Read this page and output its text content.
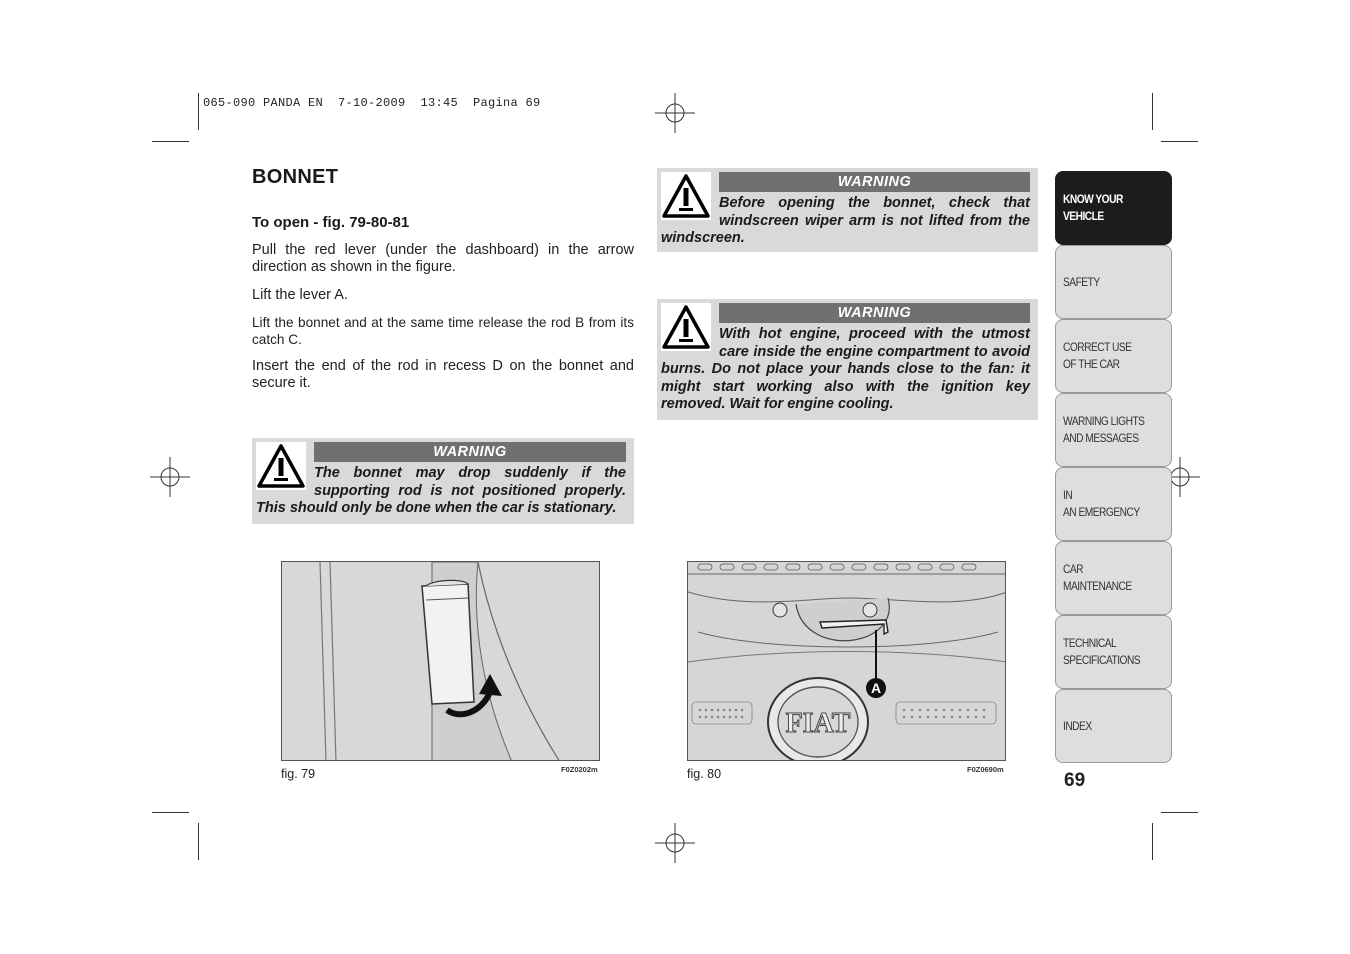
065-090 PANDA EN  7-10-2009  13:45  Pagina 69
BONNET
To open - fig. 79-80-81

Pull the red lever (under the dashboard) in the arrow direction as shown in the figure.

Lift the lever A.

Lift the bonnet and at the same time release the rod B from its catch C.

Insert the end of the rod in recess D on the bonnet and secure it.

WARNING
The bonnet may drop suddenly if the supporting rod is not positioned properly. This should only be done when the car is stationary.
WARNING
Before opening the bonnet, check that windscreen wiper arm is not lifted from the windscreen.
WARNING
With hot engine, proceed with the utmost care inside the engine compartment to avoid burns. Do not place your hands close to the fan: it might start working also with the ignition key removed. Wait for engine cooling.
fig. 79	F0Z0202m
A
FIAT
fig. 80	F0Z0690m
KNOW YOUR
VEHICLE
SAFETY
CORRECT USE
OF THE CAR
WARNING LIGHTS
AND MESSAGES
IN
AN EMERGENCY
CAR
MAINTENANCE
TECHNICAL
SPECIFICATIONS
INDEX
69
